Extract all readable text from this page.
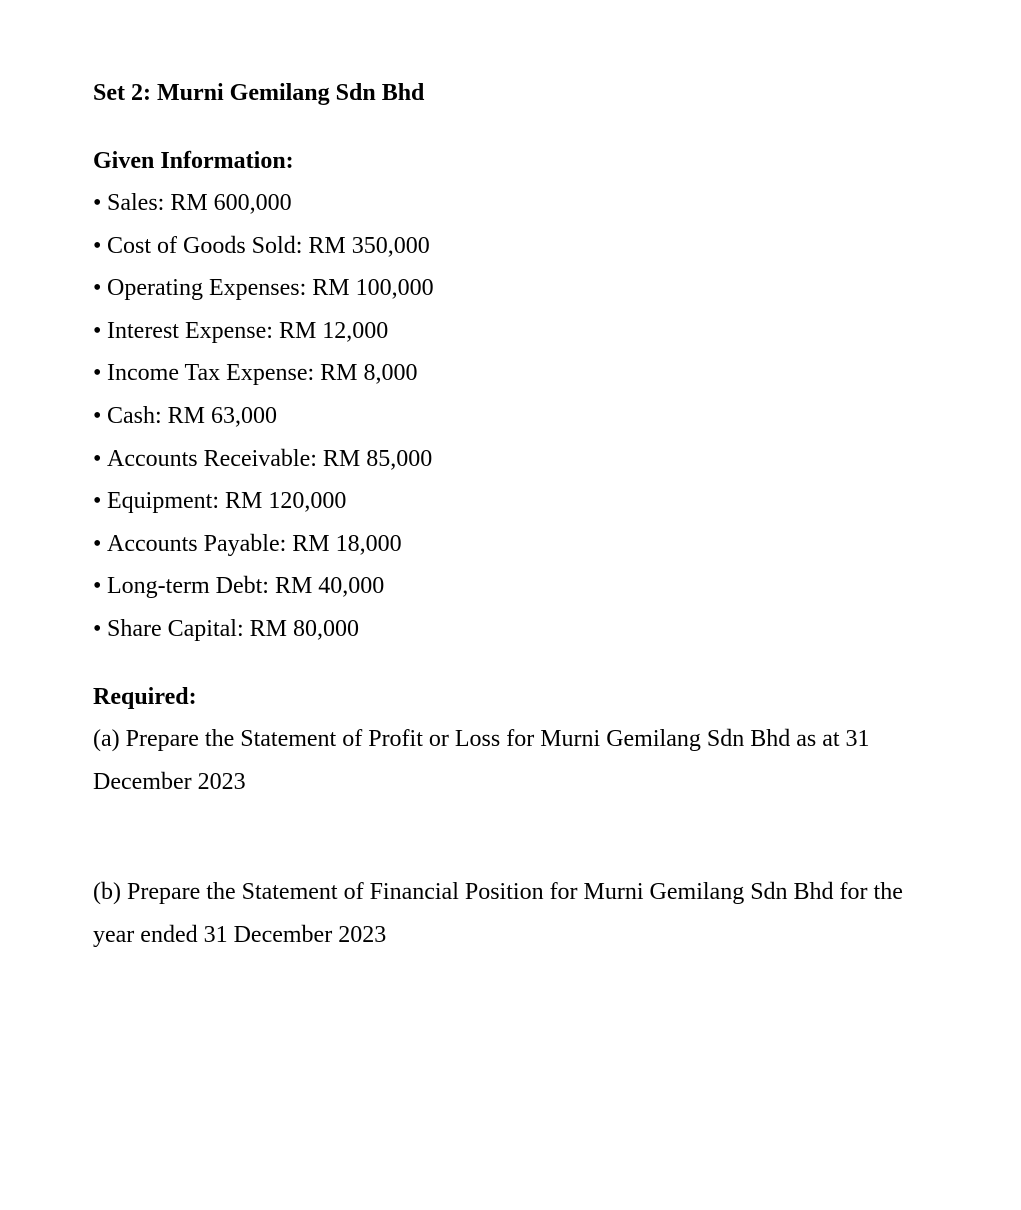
Set 2: Murni Gemilang Sdn Bhd
Given Information:
• Sales: RM 600,000
• Cost of Goods Sold: RM 350,000
• Operating Expenses: RM 100,000
• Interest Expense: RM 12,000
• Income Tax Expense: RM 8,000
• Cash: RM 63,000
• Accounts Receivable: RM 85,000
• Equipment: RM 120,000
• Accounts Payable: RM 18,000
• Long-term Debt: RM 40,000
• Share Capital: RM 80,000
Required:
(a) Prepare the Statement of Profit or Loss for Murni Gemilang Sdn Bhd as at 31 December 2023
(b) Prepare the Statement of Financial Position for Murni Gemilang Sdn Bhd for the year ended 31 December 2023
